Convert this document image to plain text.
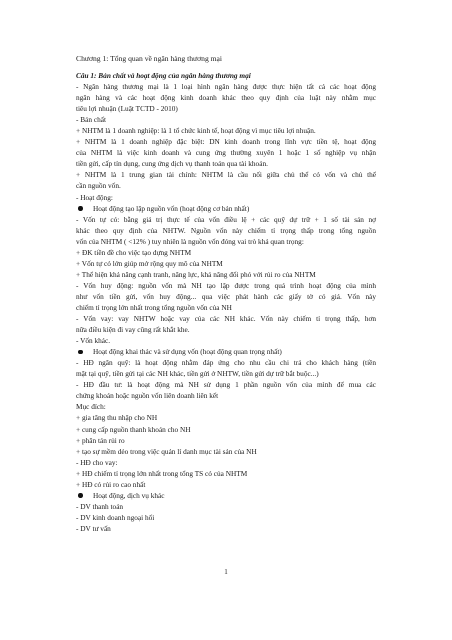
Chương 1: Tổng quan về ngân hàng thương mại
Câu 1: Bản chất và hoạt động của ngân hàng thương mại
- Ngân hàng thương mại là 1 loại hình ngân hàng được thực hiện tất cả các hoạt động
ngân hàng và các hoạt động kinh doanh khác theo quy định của luật này nhằm mục
tiêu lợi nhuận (Luật TCTD - 2010)
- Bản chất
+ NHTM là 1 doanh nghiệp: là 1 tổ chức kinh tế, hoạt động vì mục tiêu lợi nhuận.
+ NHTM là 1 doanh nghiệp đặc biệt: DN kinh doanh trong lĩnh vực tiền tệ, hoạt động
của NHTM là việc kinh doanh và cung ứng thường xuyên 1 hoặc 1 số nghiệp vụ nhận
tiền gửi, cấp tín dụng, cung ứng dịch vụ thanh toán qua tài khoản.
+ NHTM là 1 trung gian tài chính: NHTM là cầu nối giữa chủ thể có vốn và chủ thể
cần nguồn vốn.
- Hoạt động:
Hoạt động tạo lập nguồn vốn (hoạt động cơ bản nhất)
- Vốn tự có: bằng giá trị thực tế của vốn điều lệ + các quỹ dự trữ + 1 số tài sản nợ
khác theo quy định của NHTW. Nguồn vốn này chiếm tỉ trọng thấp trong tổng nguồn
vốn của NHTM ( <12% ) tuy nhiên là nguồn vốn đóng vai trò khá quan trọng:
+ ĐK tiền đề cho việc tạo dựng NHTM
+ Vốn tự có lớn giúp mở rộng quy mô của NHTM
+ Thể hiện khả năng cạnh tranh, năng lực, khả năng đối phó với rủi ro của NHTM
- Vốn huy động: nguồn vốn mà NH tạo lập được trong quá trình hoạt động của mình
như vốn tiền gửi, vốn huy động... qua việc phát hành các giấy tờ có giá. Vốn này
chiếm tỉ trọng lớn nhất trong tổng nguồn vốn của NH
- Vốn vay: vay NHTW hoặc vay của các NH khác. Vốn này chiếm tỉ trọng thấp, hơn
nữa điều kiện đi vay cũng rất khắt khe.
- Vốn khác.
Hoạt động khai thác và sử dụng vốn (hoạt động quan trọng nhất)
- HĐ ngân quỹ: là hoạt động nhằm đáp ứng cho nhu cầu chi trả cho khách hàng (tiền
mặt tại quỹ, tiền gửi tại các NH khác, tiền gửi ở NHTW, tiền gửi dự trữ bắt buộc...)
- HĐ đầu tư: là hoạt động mà NH sử dụng 1 phần nguồn vốn của mình để mua các
chứng khoán hoặc nguồn vốn liên doanh liên kết
Mục đích:
+ gia tăng thu nhập cho NH
+ cung cấp nguồn thanh khoản cho NH
+ phân tán rủi ro
+ tạo sự mềm dẻo trong việc quản lí danh mục tài sản của NH
- HĐ cho vay:
+ HĐ chiếm tỉ trọng lớn nhất trong tổng TS có của NHTM
+ HĐ có rủi ro cao nhất
Hoạt động, dịch vụ khác
- DV thanh toán
- DV kinh doanh ngoại hối
- DV tư vấn
1
